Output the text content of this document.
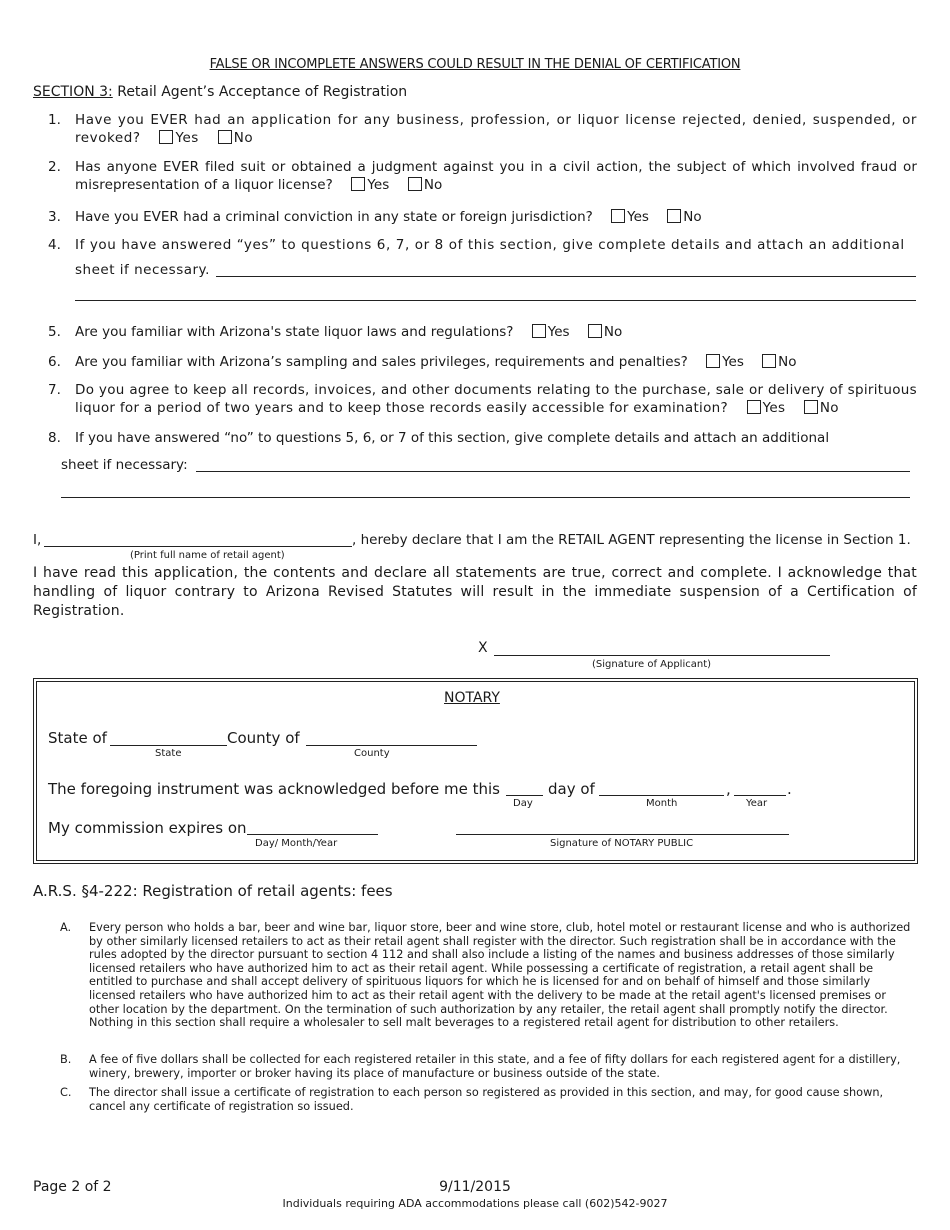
FALSE OR INCOMPLETE ANSWERS COULD RESULT IN THE DENIAL OF CERTIFICATION
SECTION 3: Retail Agent’s Acceptance of Registration
1. Have you EVER had an application for any business, profession, or liquor license rejected, denied, suspended, or revoked?	Yes	No
2. Has anyone EVER filed suit or obtained a judgment against you in a civil action, the subject of which involved fraud or misrepresentation of a liquor license?	Yes	No
3. Have you EVER had a criminal conviction in any state or foreign jurisdiction?	Yes	No
4. If you have answered “yes” to questions 6, 7, or 8 of this section, give complete details and attach an additional
sheet if necessary.
5. Are you familiar with Arizona's state liquor laws and regulations?	Yes	No
6. Are you familiar with Arizona’s sampling and sales privileges, requirements and penalties?	Yes	No
7. Do you agree to keep all records, invoices, and other documents relating to the purchase, sale or delivery of spirituous liquor for a period of two years and to keep those records easily accessible for examination?	Yes	No
8. If you have answered “no” to questions 5, 6, or 7 of this section, give complete details and attach an additional
sheet if necessary:
I,	, hereby declare that I am the RETAIL AGENT representing the license in Section 1.
(Print full name of retail agent)
I have read this application, the contents and declare all statements are true, correct and complete. I acknowledge that handling of liquor contrary to Arizona Revised Statutes will result in the immediate suspension of a Certification of Registration.
X
(Signature of Applicant)
NOTARY
State of	County of
State	County
The foregoing instrument was acknowledged before me this	day of	,	.
Day	Month	Year
My commission expires on
Day/ Month/Year	Signature of NOTARY PUBLIC
A.R.S. §4-222: Registration of retail agents: fees
A. Every person who holds a bar, beer and wine bar, liquor store, beer and wine store, club, hotel motel or restaurant license and who is authorized by other similarly licensed retailers to act as their retail agent shall register with the director. Such registration shall be in accordance with the rules adopted by the director pursuant to section 4 112 and shall also include a listing of the names and business addresses of those similarly licensed retailers who have authorized him to act as their retail agent. While possessing a certificate of registration, a retail agent shall be entitled to purchase and shall accept delivery of spirituous liquors for which he is licensed for and on behalf of himself and those similarly licensed retailers who have authorized him to act as their retail agent with the delivery to be made at the retail agent's licensed premises or other location by the department. On the termination of such authorization by any retailer, the retail agent shall promptly notify the director. Nothing in this section shall require a wholesaler to sell malt beverages to a registered retail agent for distribution to other retailers.
B. A fee of five dollars shall be collected for each registered retailer in this state, and a fee of fifty dollars for each registered agent for a distillery, winery, brewery, importer or broker having its place of manufacture or business outside of the state.
C. The director shall issue a certificate of registration to each person so registered as provided in this section, and may, for good cause shown, cancel any certificate of registration so issued.
Page 2 of 2	9/11/2015
Individuals requiring ADA accommodations please call (602)542-9027
